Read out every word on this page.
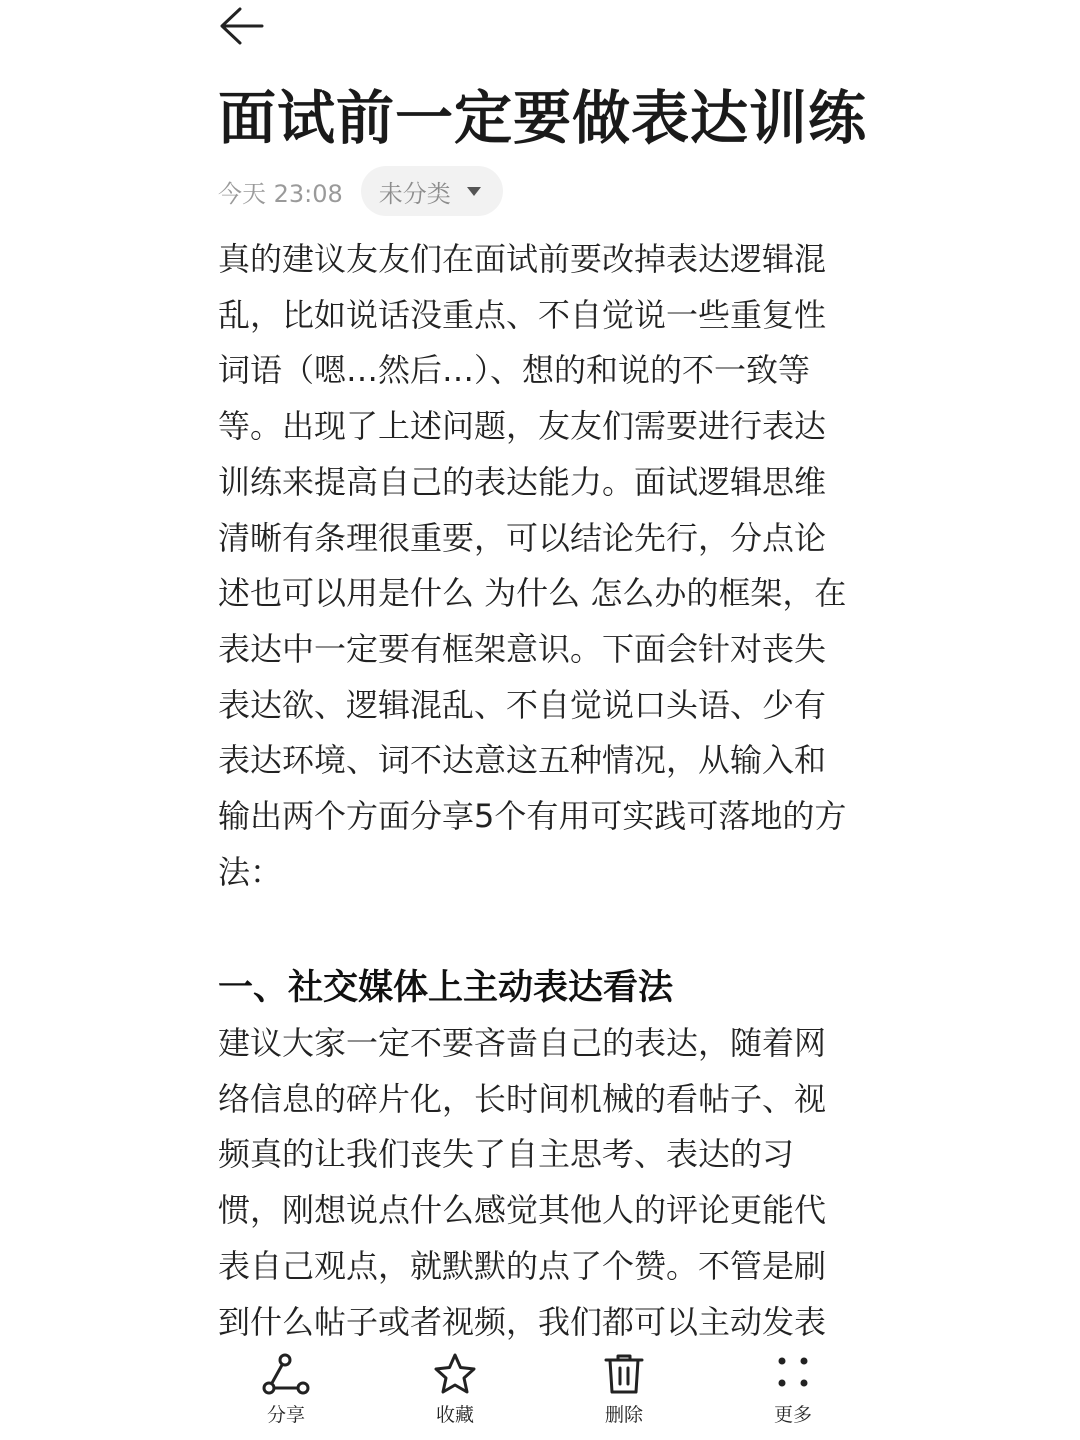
面试前一定要做表达训练
今天 23:08 未分类

真的建议友友们在面试前要改掉表达逻辑混乱，比如说话没重点、不自觉说一些重复性词语（嗯…然后…）、想的和说的不一致等等。出现了上述问题，友友们需要进行表达训练来提高自己的表达能力。面试逻辑思维清晰有条理很重要，可以结论先行，分点论述也可以用是什么 为什么 怎么办的框架，在表达中一定要有框架意识。下面会针对丧失表达欲、逻辑混乱、不自觉说口头语、少有表达环境、词不达意这五种情况，从输入和输出两个方面分享5个有用可实践可落地的方法：

一、社交媒体上主动表达看法

建议大家一定不要吝啬自己的表达，随着网络信息的碎片化，长时间机械的看帖子、视频真的让我们丧失了自主思考、表达的习惯，刚想说点什么感觉其他人的评论更能代表自己观点，就默默的点了个赞。不管是刷到什么帖子或者视频，我们都可以主动发表

分享	收藏	删除	更多
